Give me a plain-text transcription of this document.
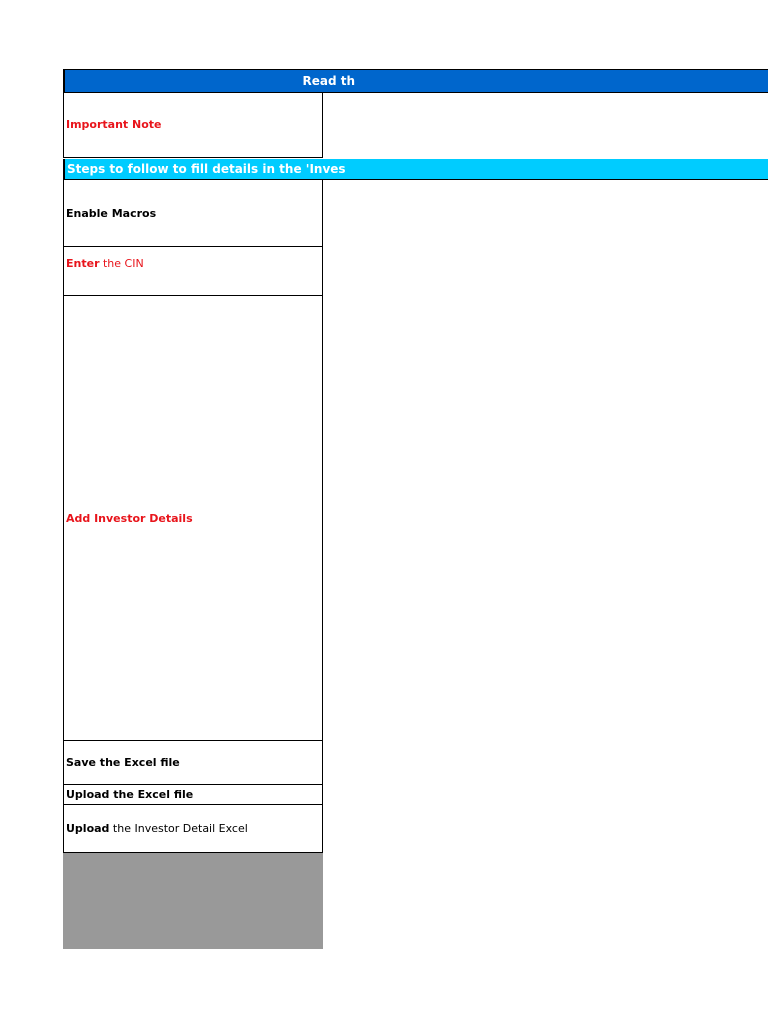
Read th
Important Note
Steps to follow to fill details in the 'Inves
Enable Macros
Enter the CIN
Add Investor Details
Save the Excel file
Upload the Excel file
Upload the Investor Detail Excel
